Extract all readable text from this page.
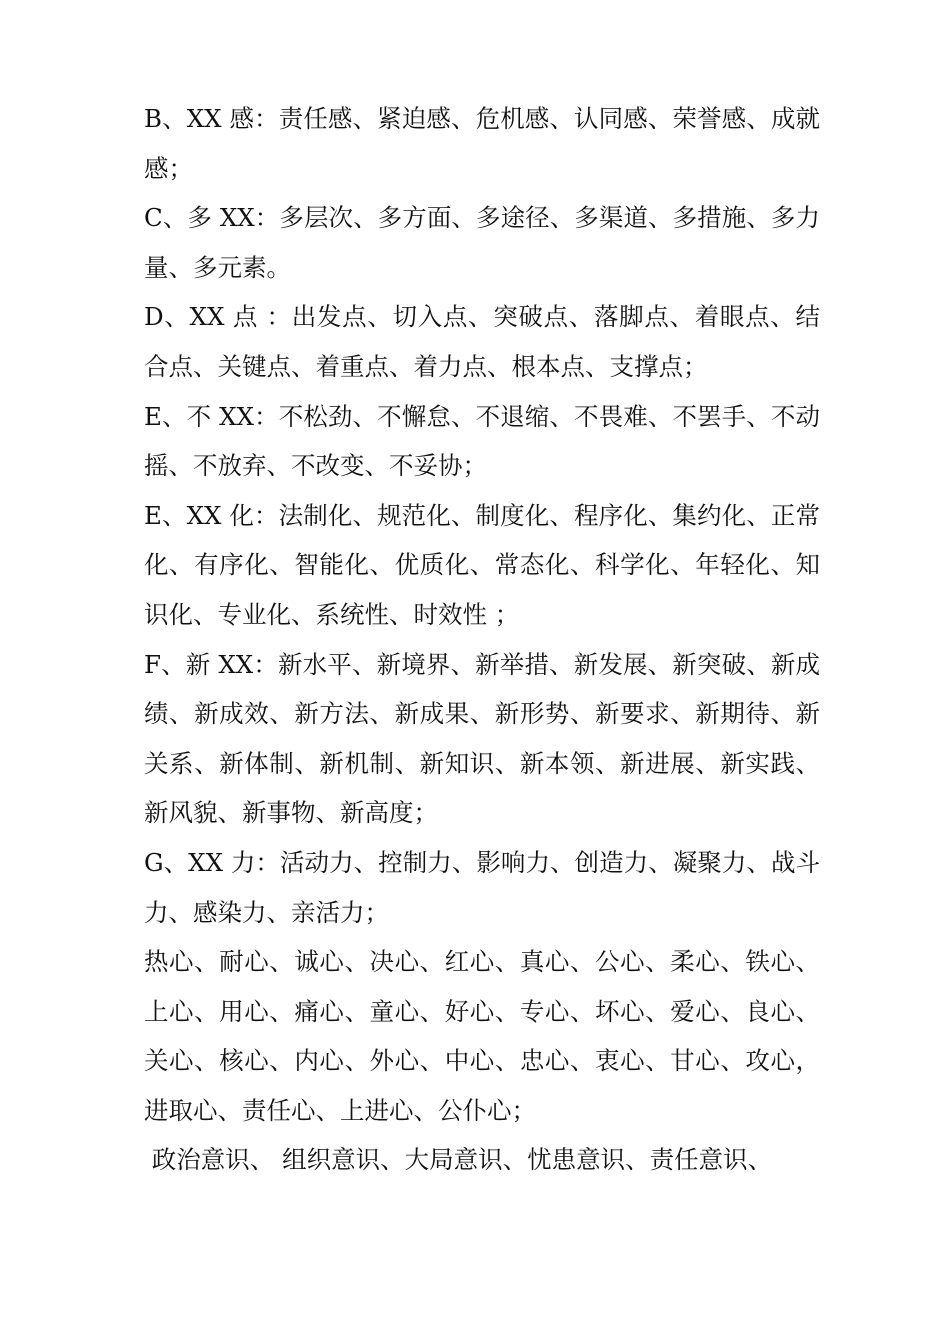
B、XX 感：责任感、紧迫感、危机感、认同感、荣誉感、成就感；

C、多 XX：多层次、多方面、多途径、多渠道、多措施、多力量、多元素。

D、XX 点 ：出发点、切入点、突破点、落脚点、着眼点、结合点、关键点、着重点、着力点、根本点、支撑点；

E、不 XX：不松劲、不懈怠、不退缩、不畏难、不罢手、不动摇、不放弃、不改变、不妥协；

E、XX 化：法制化、规范化、制度化、程序化、集约化、正常化、有序化、智能化、优质化、常态化、科学化、年轻化、知识化、专业化、系统性、时效性 ；

F、新 XX：新水平、新境界、新举措、新发展、新突破、新成绩、新成效、新方法、新成果、新形势、新要求、新期待、新关系、新体制、新机制、新知识、新本领、新进展、新实践、新风貌、新事物、新高度；

G、XX 力：活动力、控制力、影响力、创造力、凝聚力、战斗力、感染力、亲活力；

热心、耐心、诚心、决心、红心、真心、公心、柔心、铁心、上心、用心、痛心、童心、好心、专心、坏心、爱心、良心、关心、核心、内心、外心、中心、忠心、衷心、甘心、攻心，进取心、责任心、上进心、公仆心；

政治意识、 组织意识、大局意识、忧患意识、责任意识、
